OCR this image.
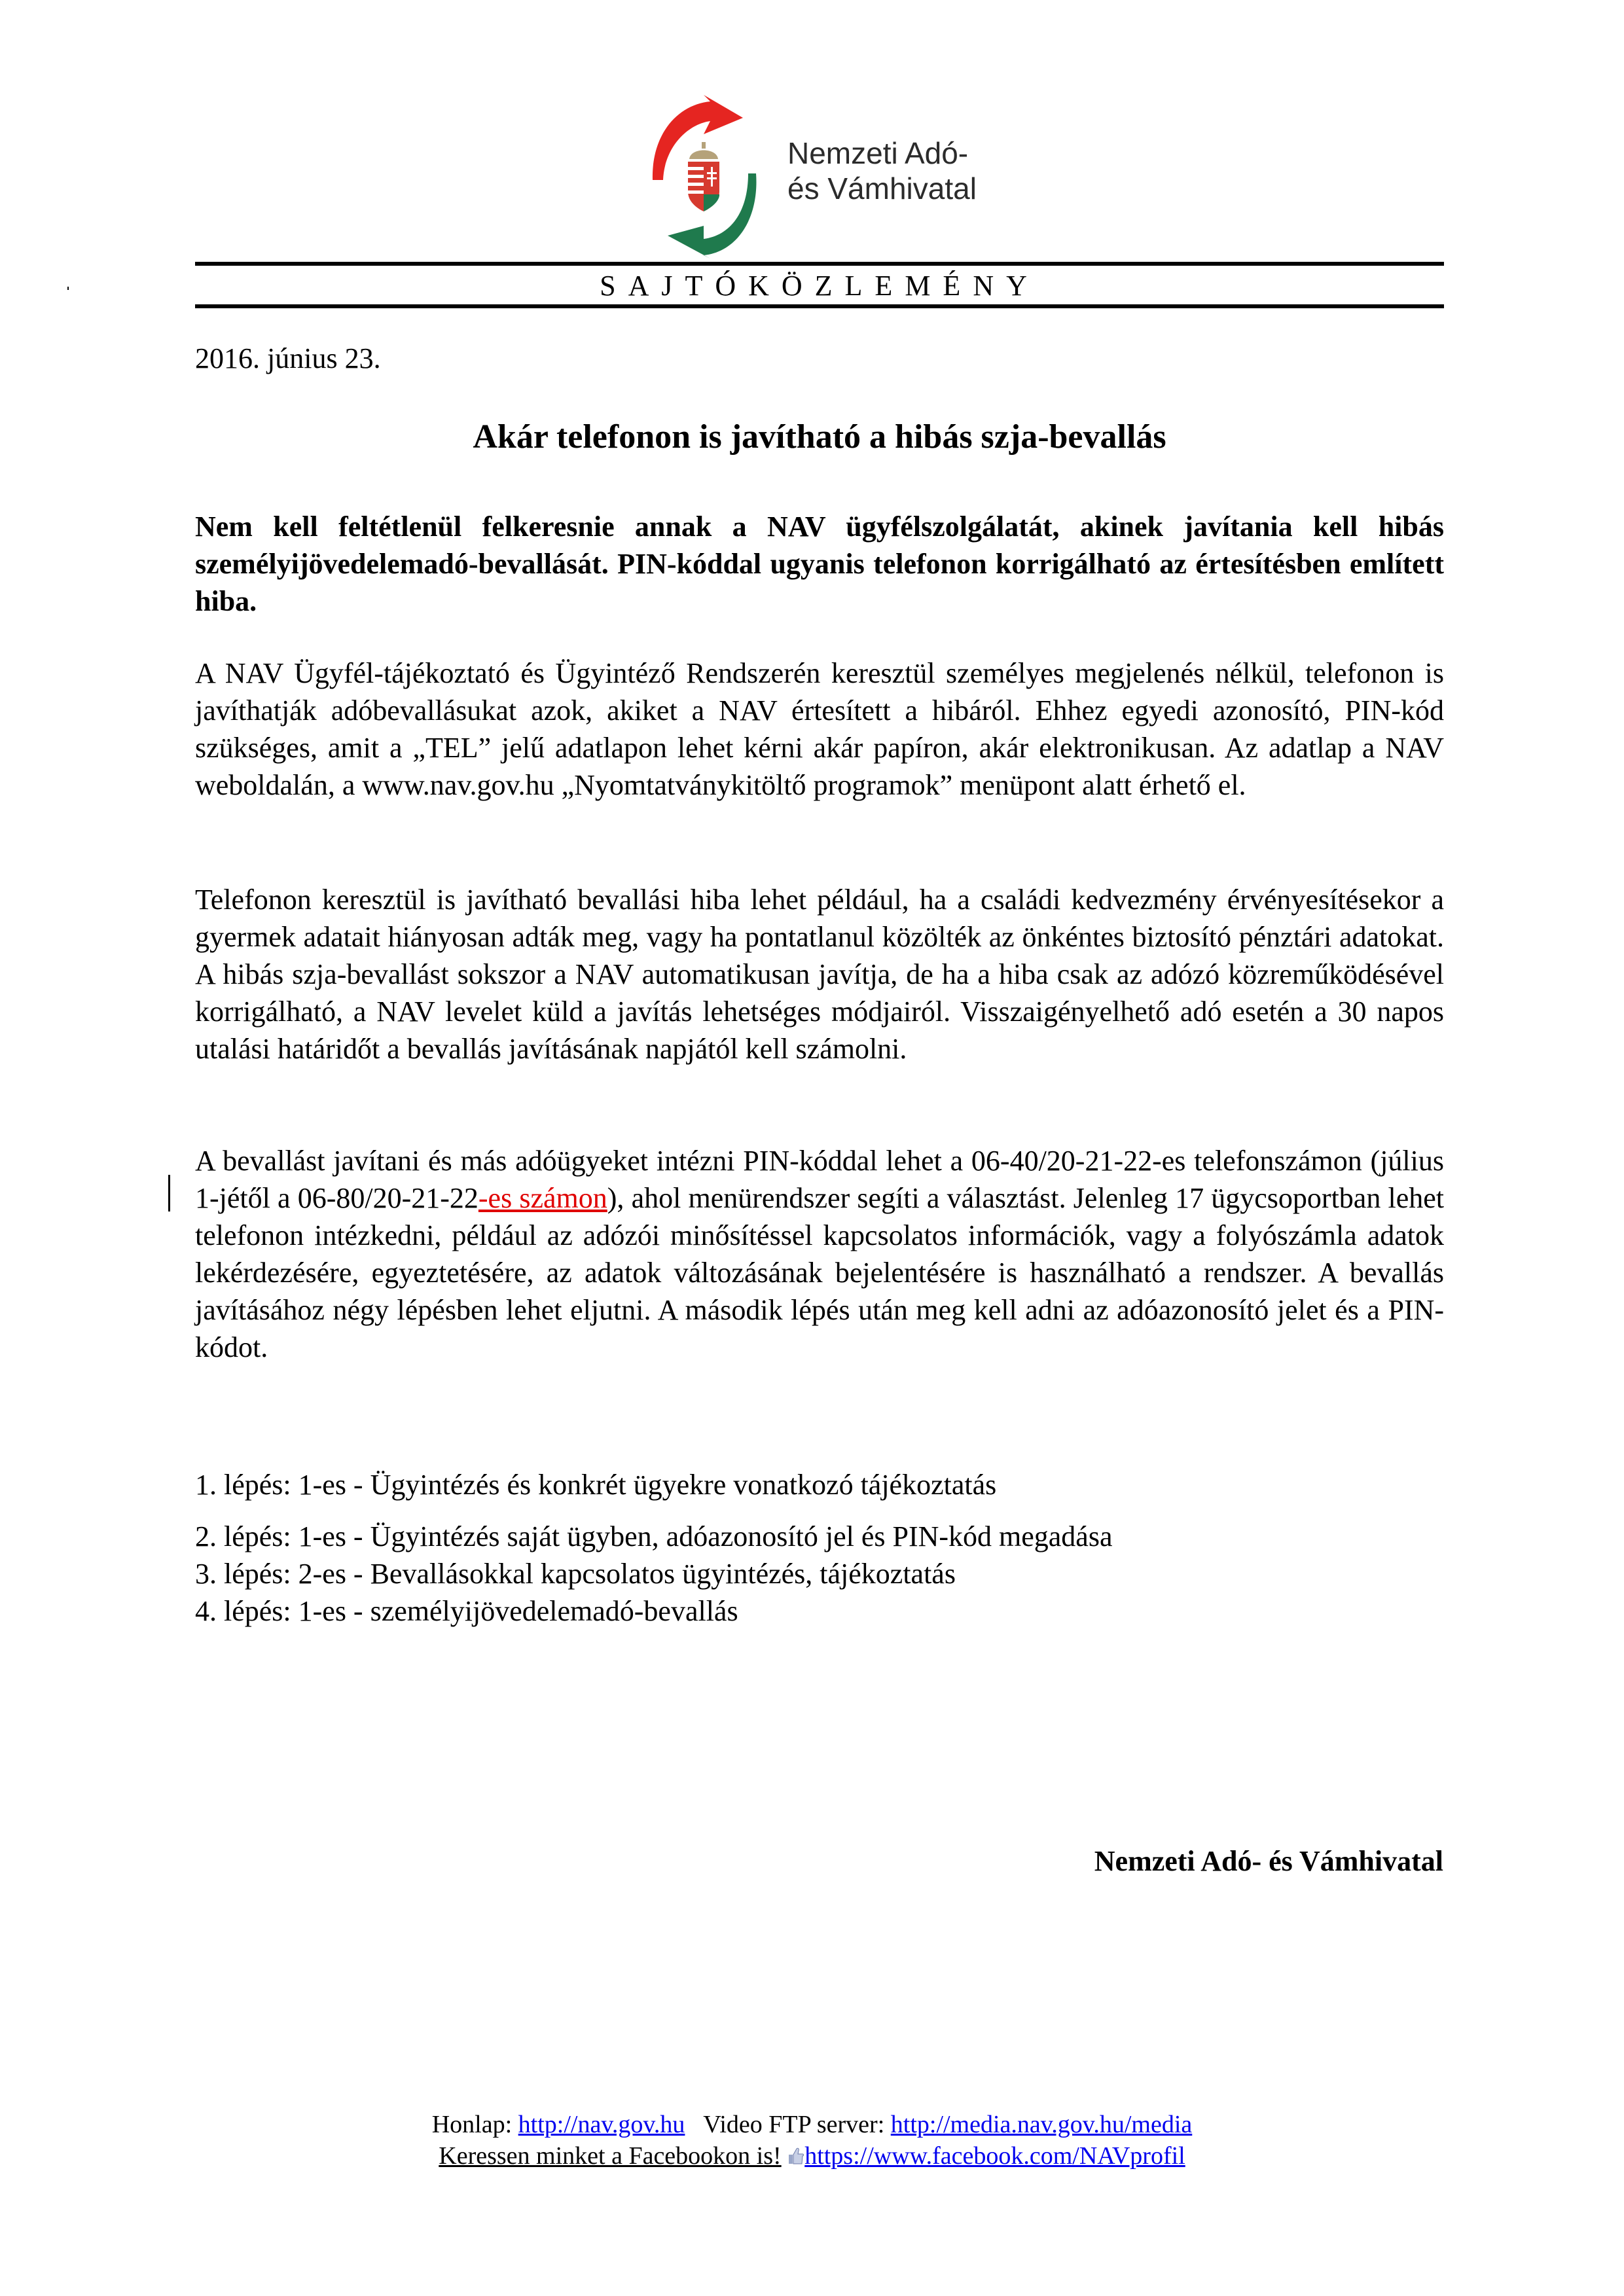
Nemzeti Adó-
és Vámhivatal
SAJTÓKÖZLEMÉNY
2016. június 23.
Akár telefonon is javítható a hibás szja-bevallás
Nem kell feltétlenül felkeresnie annak a NAV ügyfélszolgálatát, akinek javítania kell hibás személyijövedelemadó-bevallását. PIN-kóddal ugyanis telefonon korrigálható az értesítésben említett hiba.
A NAV Ügyfél-tájékoztató és Ügyintéző Rendszerén keresztül személyes megjelenés nélkül, telefonon is javíthatják adóbevallásukat azok, akiket a NAV értesített a hibáról. Ehhez egyedi azonosító, PIN-kód szükséges, amit a „TEL” jelű adatlapon lehet kérni akár papíron, akár elektronikusan. Az adatlap a NAV weboldalán, a www.nav.gov.hu „Nyomtatványkitöltő programok” menüpont alatt érhető el.
Telefonon keresztül is javítható bevallási hiba lehet például, ha a családi kedvezmény érvényesítésekor a gyermek adatait hiányosan adták meg, vagy ha pontatlanul közölték az önkéntes biztosító pénztári adatokat. A hibás szja-bevallást sokszor a NAV automatikusan javítja, de ha a hiba csak az adózó közreműködésével korrigálható, a NAV levelet küld a javítás lehetséges módjairól. Visszaigényelhető adó esetén a 30 napos utalási határidőt a bevallás javításának napjától kell számolni.
A bevallást javítani és más adóügyeket intézni PIN-kóddal lehet a 06-40/20-21-22-es telefonszámon (július 1-jétől a 06-80/20-21-22-es számon), ahol menürendszer segíti a választást. Jelenleg 17 ügycsoportban lehet telefonon intézkedni, például az adózói minősítéssel kapcsolatos információk, vagy a folyószámla adatok lekérdezésére, egyeztetésére, az adatok változásának bejelentésére is használható a rendszer. A bevallás javításához négy lépésben lehet eljutni. A második lépés után meg kell adni az adóazonosító jelet és a PIN-kódot.
1. lépés: 1-es - Ügyintézés és konkrét ügyekre vonatkozó tájékoztatás
2. lépés: 1-es - Ügyintézés saját ügyben, adóazonosító jel és PIN-kód megadása
3. lépés: 2-es - Bevallásokkal kapcsolatos ügyintézés, tájékoztatás
4. lépés: 1-es - személyijövedelemadó-bevallás
Nemzeti Adó- és Vámhivatal
Honlap: http://nav.gov.hu Video FTP server: http://media.nav.gov.hu/media
Keressen minket a Facebookon is! https://www.facebook.com/NAVprofil
